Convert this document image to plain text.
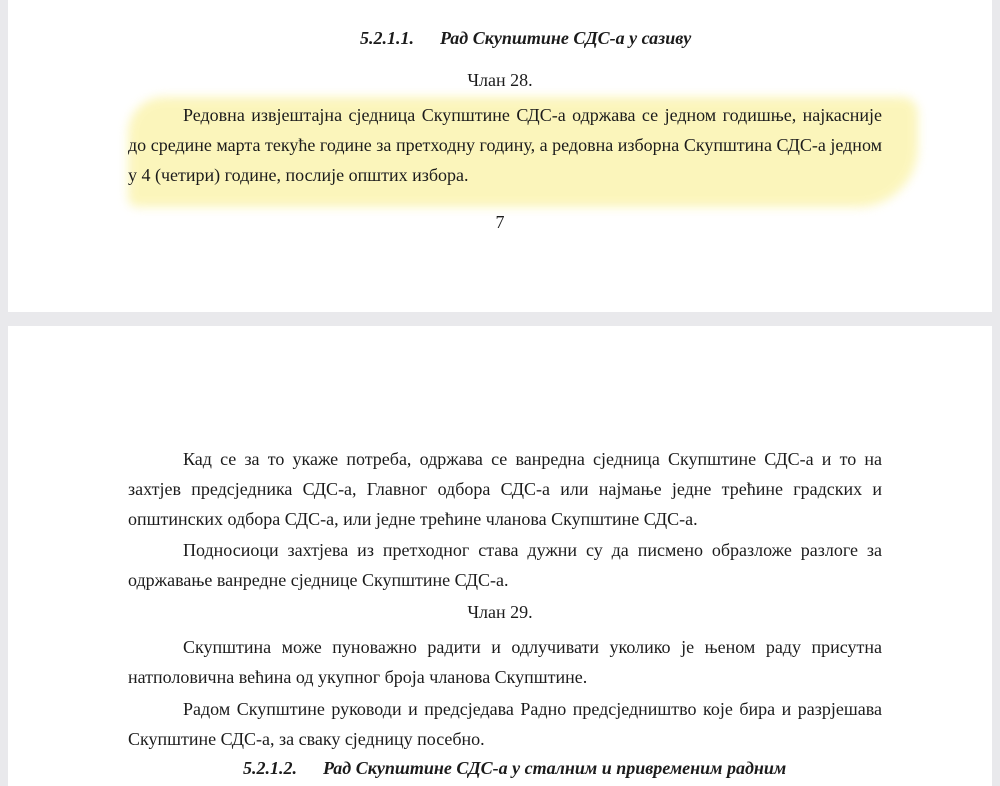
5.2.1.1. Рад Скупштине СДС-а у сазиву
Члан 28.
Редовна извјештајна сједница Скупштине СДС-а одржава се једном годишње, најкасније до средине марта текуће године за претходну годину, а редовна изборна Скупштина СДС-а једном у 4 (четири) године, послије општих избора.
7
Кад се за то укаже потреба, одржава се ванредна сједница Скупштине СДС-а и то на захтјев предсједника СДС-а, Главног одбора СДС-а или најмање једне трећине градских и општинских одбора СДС-а, или једне трећине чланова Скупштине СДС-а.
Подносиоци захтјева из претходног става дужни су да писмено образложе разлоге за одржавање ванредне сједнице Скупштине СДС-а.
Члан 29.
Скупштина може пуноважно радити и одлучивати уколико је њеном раду присутна натполовична већина од укупног броја чланова Скупштине.
Радом Скупштине руководи и предсједава Радно предсједништво које бира и разрјешава Скупштине СДС-а, за сваку сједницу посебно.
5.2.1.2. Рад Скупштине СДС-а у сталним и привременим радним
